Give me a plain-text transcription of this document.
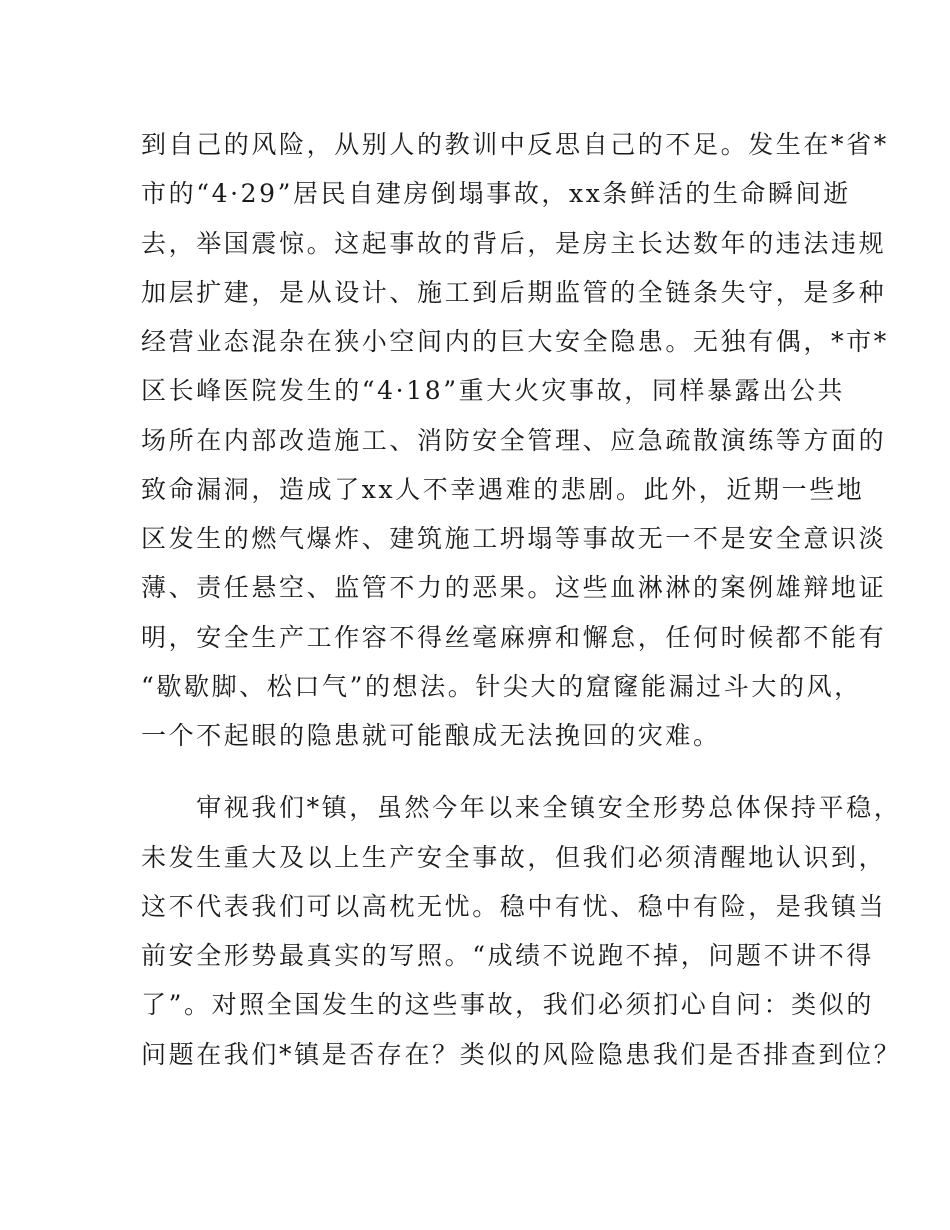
到自己的风险，从别人的教训中反思自己的不足。发生在*省*
市的“4·29”居民自建房倒塌事故，xx条鲜活的生命瞬间逝
去，举国震惊。这起事故的背后，是房主长达数年的违法违规
加层扩建，是从设计、施工到后期监管的全链条失守，是多种
经营业态混杂在狭小空间内的巨大安全隐患。无独有偶，*市*
区长峰医院发生的“4·18”重大火灾事故，同样暴露出公共
场所在内部改造施工、消防安全管理、应急疏散演练等方面的
致命漏洞，造成了xx人不幸遇难的悲剧。此外，近期一些地
区发生的燃气爆炸、建筑施工坍塌等事故无一不是安全意识淡
薄、责任悬空、监管不力的恶果。这些血淋淋的案例雄辩地证
明，安全生产工作容不得丝毫麻痹和懈怠，任何时候都不能有
“歇歇脚、松口气”的想法。针尖大的窟窿能漏过斗大的风，
一个不起眼的隐患就可能酿成无法挽回的灾难。

　　审视我们*镇，虽然今年以来全镇安全形势总体保持平稳，
未发生重大及以上生产安全事故，但我们必须清醒地认识到，
这不代表我们可以高枕无忧。稳中有忧、稳中有险，是我镇当
前安全形势最真实的写照。“成绩不说跑不掉，问题不讲不得
了”。对照全国发生的这些事故，我们必须扪心自问：类似的
问题在我们*镇是否存在？类似的风险隐患我们是否排查到位？
